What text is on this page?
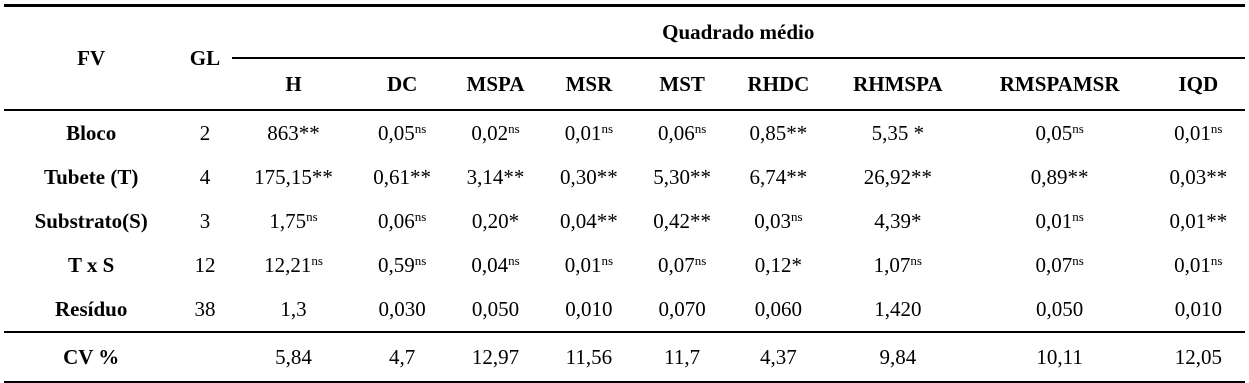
FV	GL	Quadrado médio								
		H	DC	MSPA	MSR	MST	RHDC	RHMSPA	RMSPAMSR	IQD
Bloco	2	863**	$0,05^{ns}$	$0,02^{ns}$	$0,01^{ns}$	$0,06^{ns}$	0,85**	5,35 *	$0,05^{ns}$	$0,01^{ns}$
Tubete (T)	4	175,15**	0,61**	3,14**	0,30**	5,30**	6,74**	26,92**	0,89**	0,03**
Substrato(S)	3	$1,75^{ns}$	$0,06^{ns}$	0,20*	0,04**	0,42**	$0,03^{ns}$	4,39*	$0,01^{ns}$	0,01**
T x S	12	$12,21^{ns}$	$0,59^{ns}$	$0,04^{ns}$	$0,01^{ns}$	$0,07^{ns}$	0,12*	$1,07^{ns}$	$0,07^{ns}$	$0,01^{ns}$
Resíduo	38	1,3	0,030	0,050	0,010	0,070	0,060	1,420	0,050	0,010
CV %		5,84	4,7	12,97	11,56	11,7	4,37	9,84	10,11	12,05
